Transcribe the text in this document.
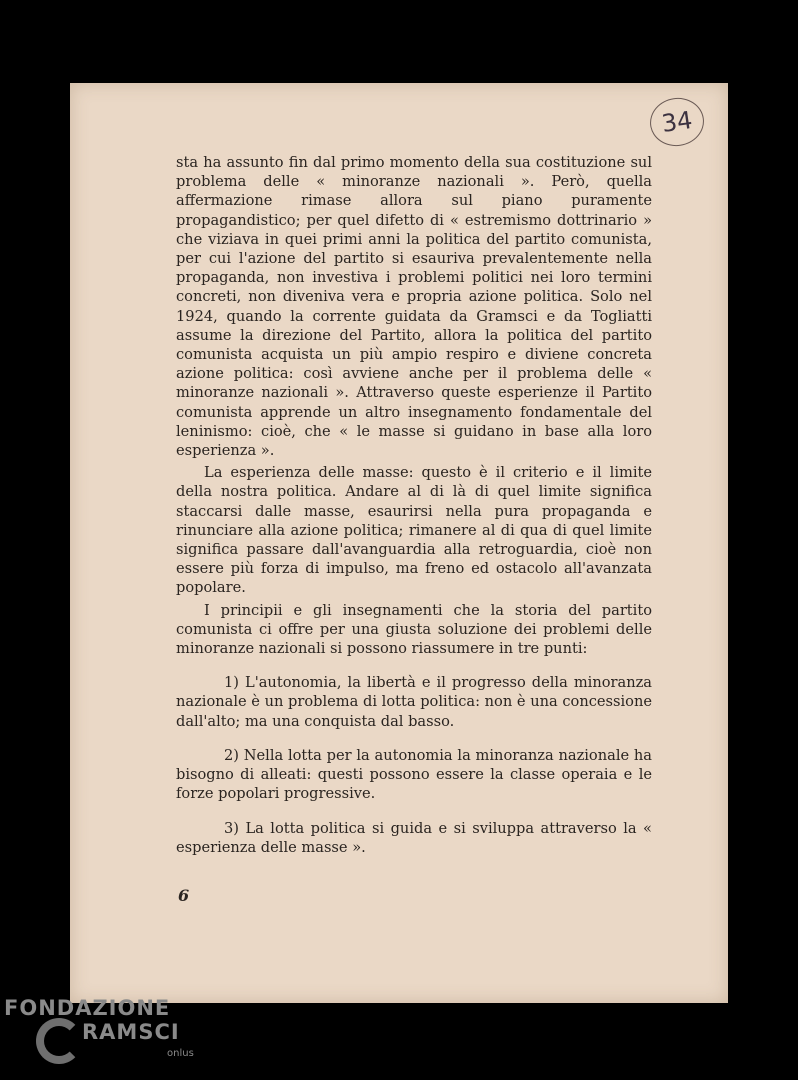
34

sta ha assunto fin dal primo momento della sua costituzione sul problema delle « minoranze nazionali ». Però, quella affermazione rimase allora sul piano puramente propagandistico; per quel difetto di « estremismo dottrinario » che viziava in quei primi anni la politica del partito comunista, per cui l'azione del partito si esauriva prevalentemente nella propaganda, non investiva i problemi politici nei loro termini concreti, non diveniva vera e propria azione politica. Solo nel 1924, quando la corrente guidata da Gramsci e da Togliatti assume la direzione del Partito, allora la politica del partito comunista acquista un più ampio respiro e diviene concreta azione politica: così avviene anche per il problema delle « minoranze nazionali ». Attraverso queste esperienze il Partito comunista apprende un altro insegnamento fondamentale del leninismo: cioè, che « le masse si guidano in base alla loro esperienza ».

La esperienza delle masse: questo è il criterio e il limite della nostra politica. Andare al di là di quel limite significa staccarsi dalle masse, esaurirsi nella pura propaganda e rinunciare alla azione politica; rimanere al di qua di quel limite significa passare dall'avanguardia alla retroguardia, cioè non essere più forza di impulso, ma freno ed ostacolo all'avanzata popolare.

I principii e gli insegnamenti che la storia del partito comunista ci offre per una giusta soluzione dei problemi delle minoranze nazionali si possono riassumere in tre punti:

1) L'autonomia, la libertà e il progresso della minoranza nazionale è un problema di lotta politica: non è una concessione dall'alto; ma una conquista dal basso.

2) Nella lotta per la autonomia la minoranza nazionale ha bisogno di alleati: questi possono essere la classe operaia e le forze popolari progressive.

3) La lotta politica si guida e si sviluppa attraverso la « esperienza delle masse ».

6
FONDAZIONE
RAMSCI
onlus
